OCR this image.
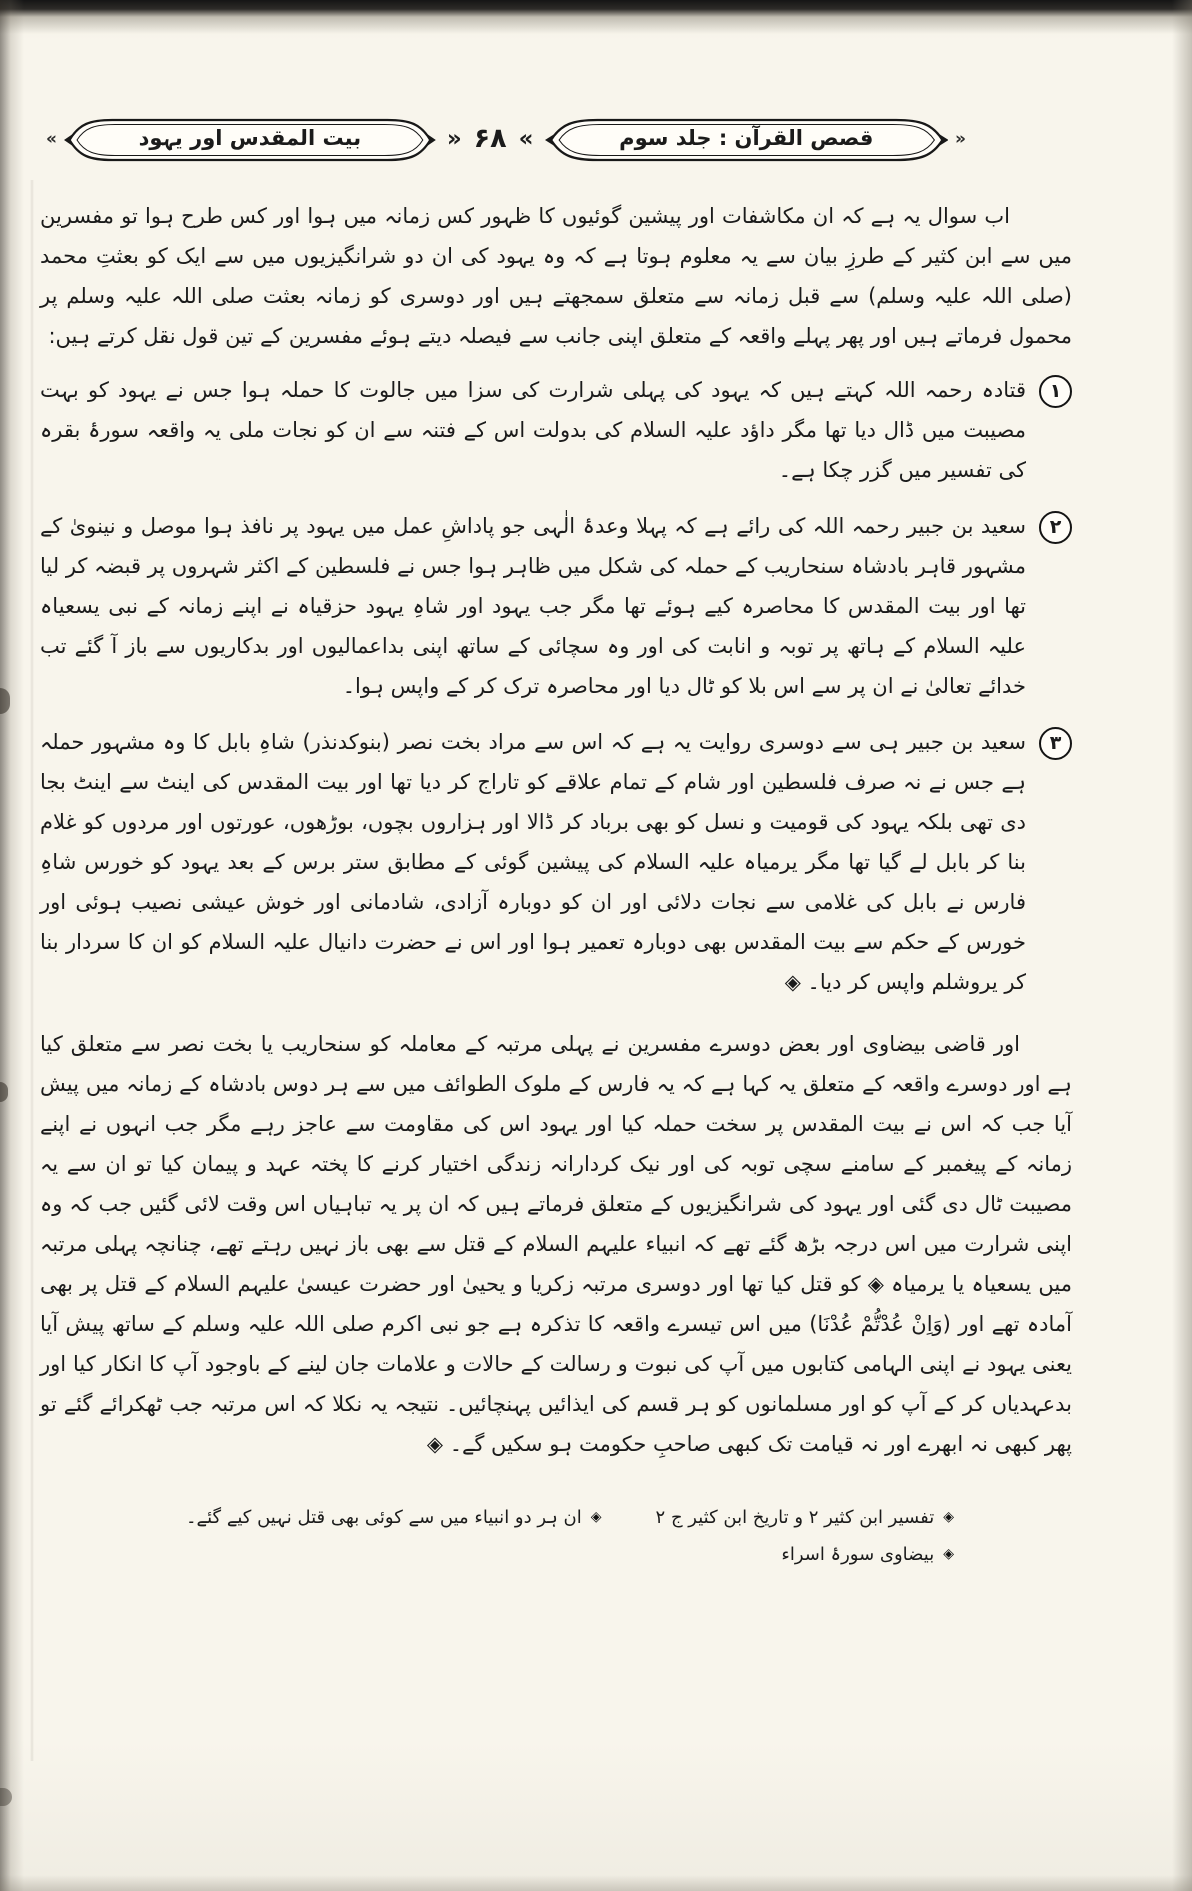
»
قصص القرآن : جلد سوم
«
۶۸
»
بیت المقدس اور یہود
«

اب سوال یہ ہے کہ ان مکاشفات اور پیشین گوئیوں کا ظہور کس زمانہ میں ہوا اور کس طرح ہوا تو مفسرین میں سے ابن کثیر کے طرزِ بیان سے یہ معلوم ہوتا ہے کہ وہ یہود کی ان دو شرانگیزیوں میں سے ایک کو بعثتِ محمد (صلی اللہ علیہ وسلم) سے قبل زمانہ سے متعلق سمجھتے ہیں اور دوسری کو زمانہ بعثت صلی اللہ علیہ وسلم پر محمول فرماتے ہیں اور پھر پہلے واقعہ کے متعلق اپنی جانب سے فیصلہ دیتے ہوئے مفسرین کے تین قول نقل کرتے ہیں:

۱

قتادہ رحمہ اللہ کہتے ہیں کہ یہود کی پہلی شرارت کی سزا میں جالوت کا حملہ ہوا جس نے یہود کو بہت مصیبت میں ڈال دیا تھا مگر داؤد علیہ السلام کی بدولت اس کے فتنہ سے ان کو نجات ملی یہ واقعہ سورۂ بقرہ کی تفسیر میں گزر چکا ہے۔

۲

سعید بن جبیر رحمہ اللہ کی رائے ہے کہ پہلا وعدۂ الٰہی جو پاداشِ عمل میں یہود پر نافذ ہوا موصل و نینویٰ کے مشہور قاہر بادشاہ سنحاریب کے حملہ کی شکل میں ظاہر ہوا جس نے فلسطین کے اکثر شہروں پر قبضہ کر لیا تھا اور بیت المقدس کا محاصرہ کیے ہوئے تھا مگر جب یہود اور شاہِ یہود حزقیاہ نے اپنے زمانہ کے نبی یسعیاہ علیہ السلام کے ہاتھ پر توبہ و انابت کی اور وہ سچائی کے ساتھ اپنی بداعمالیوں اور بدکاریوں سے باز آ گئے تب خدائے تعالیٰ نے ان پر سے اس بلا کو ٹال دیا اور محاصرہ ترک کر کے واپس ہوا۔

۳

سعید بن جبیر ہی سے دوسری روایت یہ ہے کہ اس سے مراد بخت نصر (بنوکدنذر) شاہِ بابل کا وہ مشہور حملہ ہے جس نے نہ صرف فلسطین اور شام کے تمام علاقے کو تاراج کر دیا تھا اور بیت المقدس کی اینٹ سے اینٹ بجا دی تھی بلکہ یہود کی قومیت و نسل کو بھی برباد کر ڈالا اور ہزاروں بچوں، بوڑھوں، عورتوں اور مردوں کو غلام بنا کر بابل لے گیا تھا مگر یرمیاہ علیہ السلام کی پیشین گوئی کے مطابق ستر برس کے بعد یہود کو خورس شاہِ فارس نے بابل کی غلامی سے نجات دلائی اور ان کو دوبارہ آزادی، شادمانی اور خوش عیشی نصیب ہوئی اور خورس کے حکم سے بیت المقدس بھی دوبارہ تعمیر ہوا اور اس نے حضرت دانیال علیہ السلام کو ان کا سردار بنا کر یروشلم واپس کر دیا۔ ◈

اور قاضی بیضاوی اور بعض دوسرے مفسرین نے پہلی مرتبہ کے معاملہ کو سنحاریب یا بخت نصر سے متعلق کیا ہے اور دوسرے واقعہ کے متعلق یہ کہا ہے کہ یہ فارس کے ملوک الطوائف میں سے ہر دوس بادشاہ کے زمانہ میں پیش آیا جب کہ اس نے بیت المقدس پر سخت حملہ کیا اور یہود اس کی مقاومت سے عاجز رہے مگر جب انہوں نے اپنے زمانہ کے پیغمبر کے سامنے سچی توبہ کی اور نیک کردارانہ زندگی اختیار کرنے کا پختہ عہد و پیمان کیا تو ان سے یہ مصیبت ٹال دی گئی اور یہود کی شرانگیزیوں کے متعلق فرماتے ہیں کہ ان پر یہ تباہیاں اس وقت لائی گئیں جب کہ وہ اپنی شرارت میں اس درجہ بڑھ گئے تھے کہ انبیاء علیہم السلام کے قتل سے بھی باز نہیں رہتے تھے، چنانچہ پہلی مرتبہ میں یسعیاہ یا یرمیاہ ◈ کو قتل کیا تھا اور دوسری مرتبہ زکریا و یحییٰ اور حضرت عیسیٰ علیہم السلام کے قتل پر بھی آمادہ تھے اور (وَاِنْ عُدْتُّمْ عُدْنَا) میں اس تیسرے واقعہ کا تذکرہ ہے جو نبی اکرم صلی اللہ علیہ وسلم کے ساتھ پیش آیا یعنی یہود نے اپنی الہامی کتابوں میں آپ کی نبوت و رسالت کے حالات و علامات جان لینے کے باوجود آپ کا انکار کیا اور بدعہدیاں کر کے آپ کو اور مسلمانوں کو ہر قسم کی ایذائیں پہنچائیں۔ نتیجہ یہ نکلا کہ اس مرتبہ جب ٹھکرائے گئے تو پھر کبھی نہ ابھرے اور نہ قیامت تک کبھی صاحبِ حکومت ہو سکیں گے۔ ◈

◈
تفسیر ابن کثیر ۲ و تاریخ ابن کثیر ج ۲
◈
ان ہر دو انبیاء میں سے کوئی بھی قتل نہیں کیے گئے۔
◈
بیضاوی سورۂ اسراء
